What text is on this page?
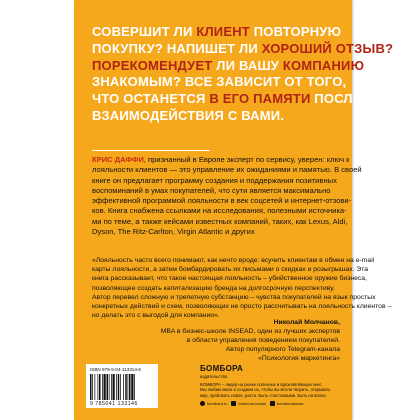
СОВЕРШИТ ЛИ КЛИЕНТ ПОВТОРНУЮ
ПОКУПКУ? НАПИШЕТ ЛИ ХОРОШИЙ ОТЗЫВ?
ПОРЕКОМЕНДУЕТ ЛИ ВАШУ КОМПАНИЮ
ЗНАКОМЫМ? ВСЕ ЗАВИСИТ ОТ ТОГО,
ЧТО ОСТАНЕТСЯ В ЕГО ПАМЯТИ ПОСЛЕ
ВЗАИМОДЕЙСТВИЯ С ВАМИ.

КРИС ДАФФИ, признанный в Европе эксперт по сервису, уверен: ключ к
лояльности клиентов — это управление их ожиданиями и памятью. В своей
книге он предлагает программу создания и поддержания позитивных
воспоминаний в умах покупателей, что сути является максимально
эффективной программой лояльности в век соцсетей и интернет-отзови-
ков. Книга снабжена ссылками на исследования, полезными источника-
ми по теме, а также кейсами известных компаний, таких, как Lexus, Aldi,
Dyson, The Ritz-Carlton, Virgin Atlantic и других

«Лояльность часто всего понимают, как нечто вроде: всучить клиентам в обмен на e-mail
карты лояльности, а затем бомбардировать их письмами о скидках и розыгрышах. Эта
книга рассказывает, что такое настоящая лояльность – убийственное оружие бизнеса,
позволяющее создать капитализацию бренда на долгосрочную перспективу.
Автор перевел сложную и трепетную субстанцию – чувства покупателей на язык простых
конкретных действий и схем, позволяющих не просто рассчитывать на лояльность клиентов –
но делать это с выгодой для компании».

Николай Молчанов,
MBA в бизнес-школе INSEAD, один из лучших экспертов
в области управления поведением покупателей.
Автор популярного Telegram-канала
«Психология маркетинга»
ISBN 978-5-04-113314-6
9 785041 133146
БОМБОРА
издательство
БОМБОРА – лидер на рынке полезных и вдохновляющих книг.
Мы любим книги и создаем их, чтобы вы могли творить, открывать
мир, пробовать новое, расти. Быть счастливыми. Быть на волне.
bombora.ru	bombora.books	bomborabooks
